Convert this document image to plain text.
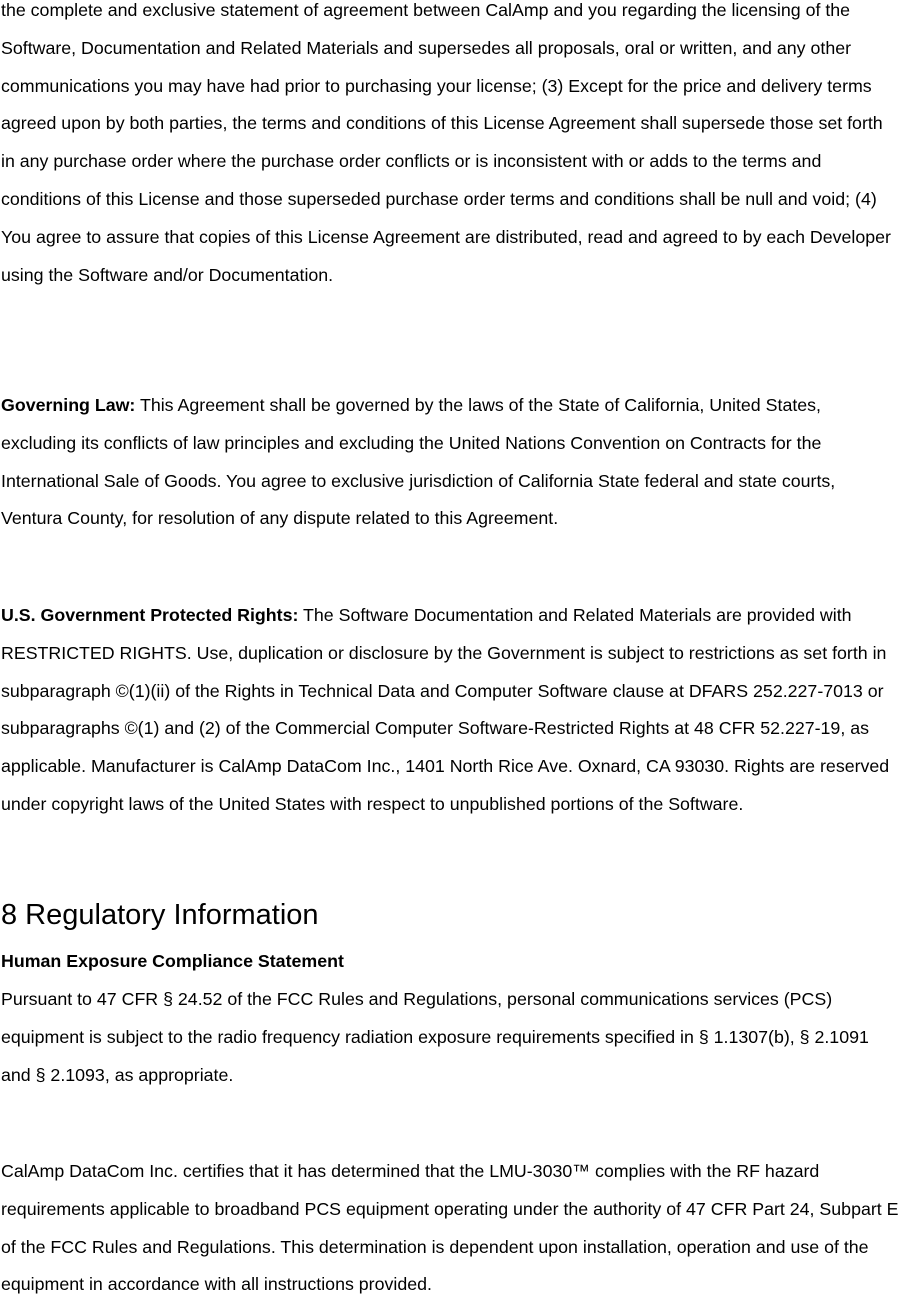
the complete and exclusive statement of agreement between CalAmp and you regarding the licensing of the Software, Documentation and Related Materials and supersedes all proposals, oral or written, and any other communications you may have had prior to purchasing your license; (3) Except for the price and delivery terms agreed upon by both parties, the terms and conditions of this License Agreement shall supersede those set forth in any purchase order where the purchase order conflicts or is inconsistent with or adds to the terms and conditions of this License and those superseded purchase order terms and conditions shall be null and void; (4) You agree to assure that copies of this License Agreement are distributed, read and agreed to by each Developer using the Software and/or Documentation.

Governing Law: This Agreement shall be governed by the laws of the State of California, United States, excluding its conflicts of law principles and excluding the United Nations Convention on Contracts for the International Sale of Goods. You agree to exclusive jurisdiction of California State federal and state courts, Ventura County, for resolution of any dispute related to this Agreement.

U.S. Government Protected Rights: The Software Documentation and Related Materials are provided with RESTRICTED RIGHTS. Use, duplication or disclosure by the Government is subject to restrictions as set forth in subparagraph ©(1)(ii) of the Rights in Technical Data and Computer Software clause at DFARS 252.227-7013 or subparagraphs ©(1) and (2) of the Commercial Computer Software-Restricted Rights at 48 CFR 52.227-19, as applicable. Manufacturer is CalAmp DataCom Inc., 1401 North Rice Ave. Oxnard, CA 93030. Rights are reserved under copyright laws of the United States with respect to unpublished portions of the Software.

8 Regulatory Information
Human Exposure Compliance Statement

Pursuant to 47 CFR § 24.52 of the FCC Rules and Regulations, personal communications services (PCS) equipment is subject to the radio frequency radiation exposure requirements specified in § 1.1307(b), § 2.1091 and § 2.1093, as appropriate.

CalAmp DataCom Inc. certifies that it has determined that the LMU-3030™ complies with the RF hazard requirements applicable to broadband PCS equipment operating under the authority of 47 CFR Part 24, Subpart E of the FCC Rules and Regulations. This determination is dependent upon installation, operation and use of the equipment in accordance with all instructions provided.
